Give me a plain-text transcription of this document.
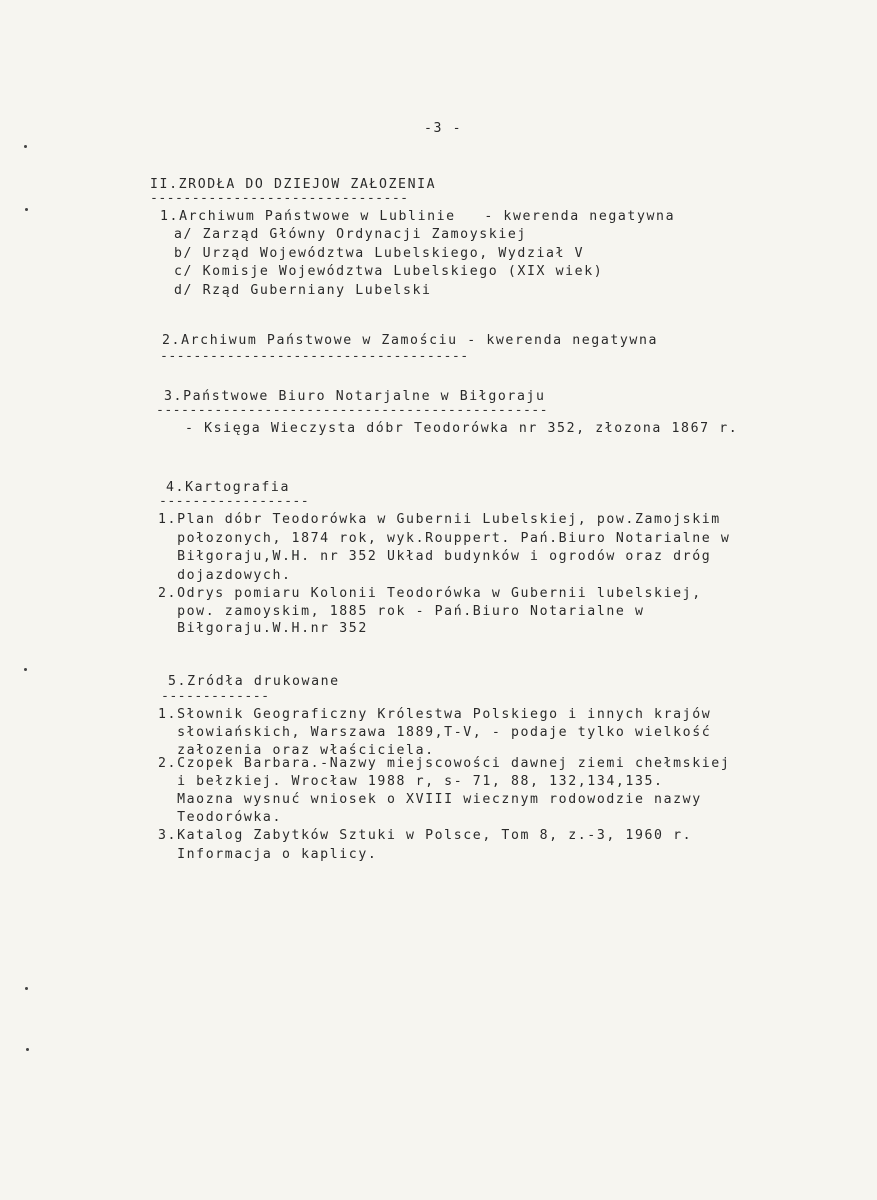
-3 -
II.ZRODŁA DO DZIEJOW ZAŁOZENIA
-------------------------------
1.Archiwum Państwowe w Lublinie   - kwerenda negatywna
a/ Zarząd Główny Ordynacji Zamoyskiej
b/ Urząd Województwa Lubelskiego, Wydział V
c/ Komisje Województwa Lubelskiego (XIX wiek)
d/ Rząd Guberniany Lubelski
2.Archiwum Państwowe w Zamościu - kwerenda negatywna
-------------------------------------
3.Państwowe Biuro Notarjalne w Biłgoraju
-----------------------------------------------
- Księga Wieczysta dóbr Teodorówka nr 352, złozona 1867 r.
4.Kartografia
------------------
1.Plan dóbr Teodorówka w Gubernii Lubelskiej, pow.Zamojskim
połozonych, 1874 rok, wyk.Rouppert. Pań.Biuro Notarialne w
Biłgoraju,W.H. nr 352 Układ budynków i ogrodów oraz dróg
dojazdowych.
2.Odrys pomiaru Kolonii Teodorówka w Gubernii lubelskiej,
pow. zamoyskim, 1885 rok - Pań.Biuro Notarialne w
Biłgoraju.W.H.nr 352
5.Zródła drukowane
-------------
1.Słownik Geograficzny Królestwa Polskiego i innych krajów
słowiańskich, Warszawa 1889,T-V, - podaje tylko wielkość
załozenia oraz właściciela.
2.Czopek Barbara.-Nazwy miejscowości dawnej ziemi chełmskiej
i bełzkiej. Wrocław 1988 r, s- 71, 88, 132,134,135.
Maozna wysnuć wniosek o XVIII wiecznym rodowodzie nazwy
Teodorówka.
3.Katalog Zabytków Sztuki w Polsce, Tom 8, z.-3, 1960 r.
Informacja o kaplicy.
